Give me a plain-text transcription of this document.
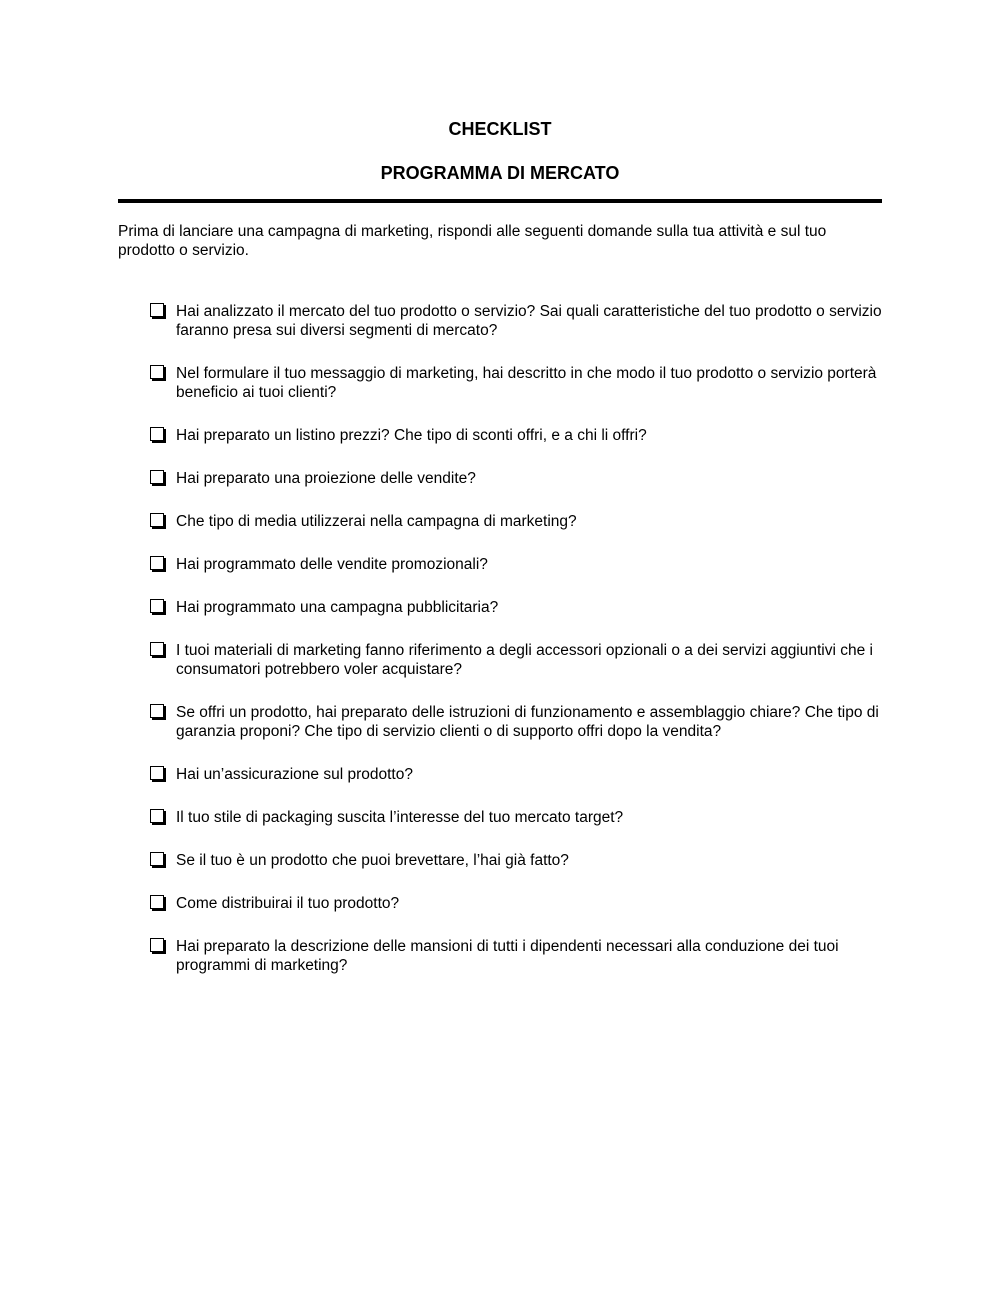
CHECKLIST
PROGRAMMA DI MERCATO

Prima di lanciare una campagna di marketing, rispondi alle seguenti domande sulla tua attività e sul tuo prodotto o servizio.

Hai analizzato il mercato del tuo prodotto o servizio? Sai quali caratteristiche del tuo prodotto o servizio faranno presa sui diversi segmenti di mercato?
Nel formulare il tuo messaggio di marketing, hai descritto in che modo il tuo prodotto o servizio porterà beneficio ai tuoi clienti?
Hai preparato un listino prezzi? Che tipo di sconti offri, e a chi li offri?
Hai preparato una proiezione delle vendite?
Che tipo di media utilizzerai nella campagna di marketing?
Hai programmato delle vendite promozionali?
Hai programmato una campagna pubblicitaria?
I tuoi materiali di marketing fanno riferimento a degli accessori opzionali o a dei servizi aggiuntivi che i consumatori potrebbero voler acquistare?
Se offri un prodotto, hai preparato delle istruzioni di funzionamento e assemblaggio chiare? Che tipo di garanzia proponi? Che tipo di servizio clienti o di supporto offri dopo la vendita?
Hai un’assicurazione sul prodotto?
Il tuo stile di packaging suscita l’interesse del tuo mercato target?
Se il tuo è un prodotto che puoi brevettare, l’hai già fatto?
Come distribuirai il tuo prodotto?
Hai preparato la descrizione delle mansioni di tutti i dipendenti necessari alla conduzione dei tuoi programmi di marketing?
